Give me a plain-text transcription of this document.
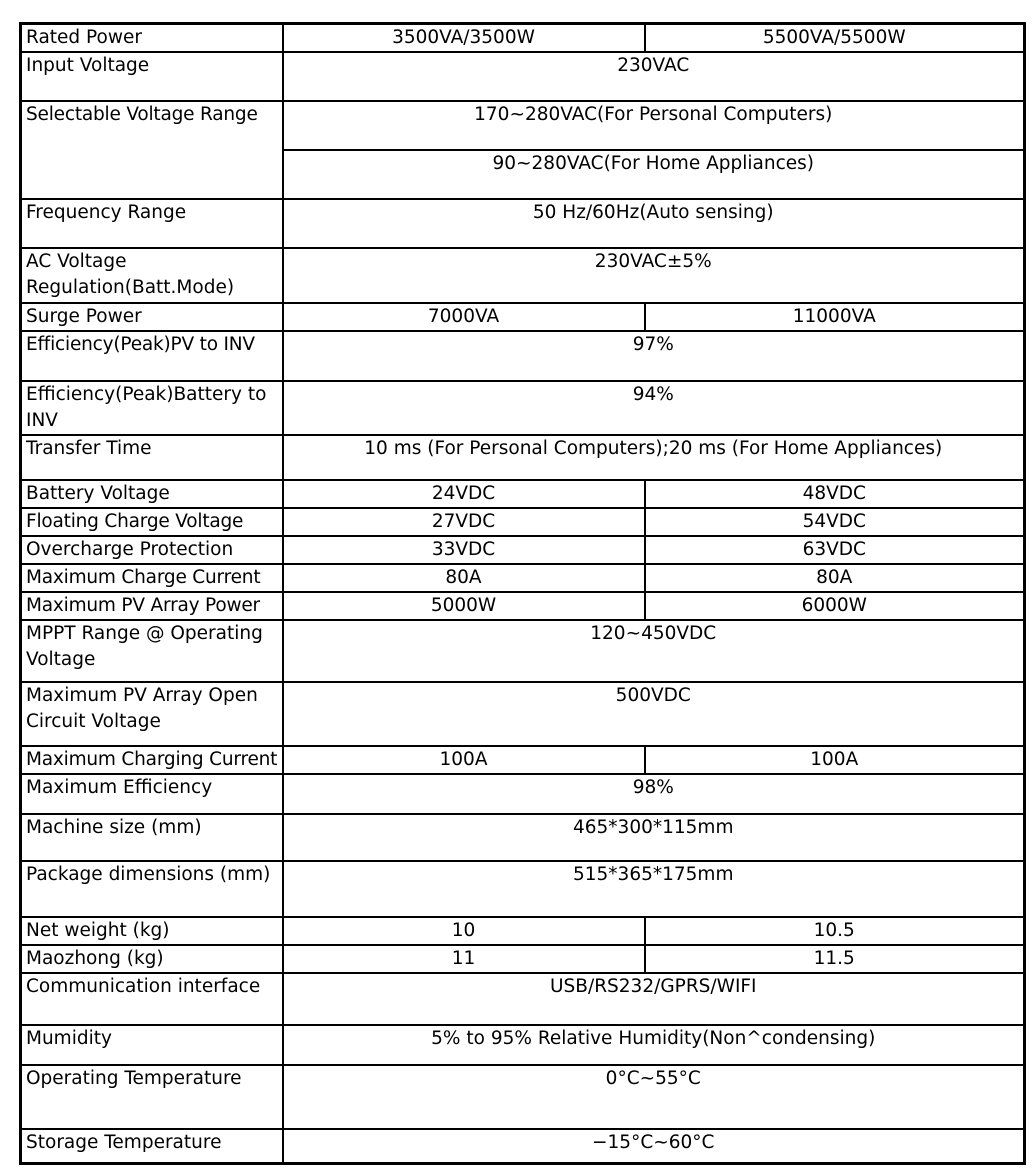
Rated Power	3500VA/3500W	5500VA/5500W
Input Voltage	230VAC	
Selectable Voltage Range	170~280VAC(For Personal Computers)	
	90~280VAC(For Home Appliances)	
Frequency Range	50 Hz/60Hz(Auto sensing)	
AC Voltage Regulation(Batt.Mode)	230VAC±5%	
Surge Power	7000VA	11000VA
Efficiency(Peak)PV to INV	97%	
Efficiency(Peak)Battery to INV	94%	
Transfer Time	10 ms (For Personal Computers);20 ms (For Home Appliances)	
Battery Voltage	24VDC	48VDC
Floating Charge Voltage	27VDC	54VDC
Overcharge Protection	33VDC	63VDC
Maximum Charge Current	80A	80A
Maximum PV Array Power	5000W	6000W
MPPT Range @ Operating Voltage	120~450VDC	
Maximum PV Array Open Circuit Voltage	500VDC	
Maximum Charging Current	100A	100A
Maximum Efficiency	98%	
Machine size (mm)	465*300*115mm	
Package dimensions (mm)	515*365*175mm	
Net weight (kg)	10	10.5
Maozhong (kg)	11	11.5
Communication interface	USB/RS232/GPRS/WIFI	
Mumidity	5% to 95% Relative Humidity(Non^condensing)	
Operating Temperature	0°C~55°C	
Storage Temperature	−15°C~60°C	
